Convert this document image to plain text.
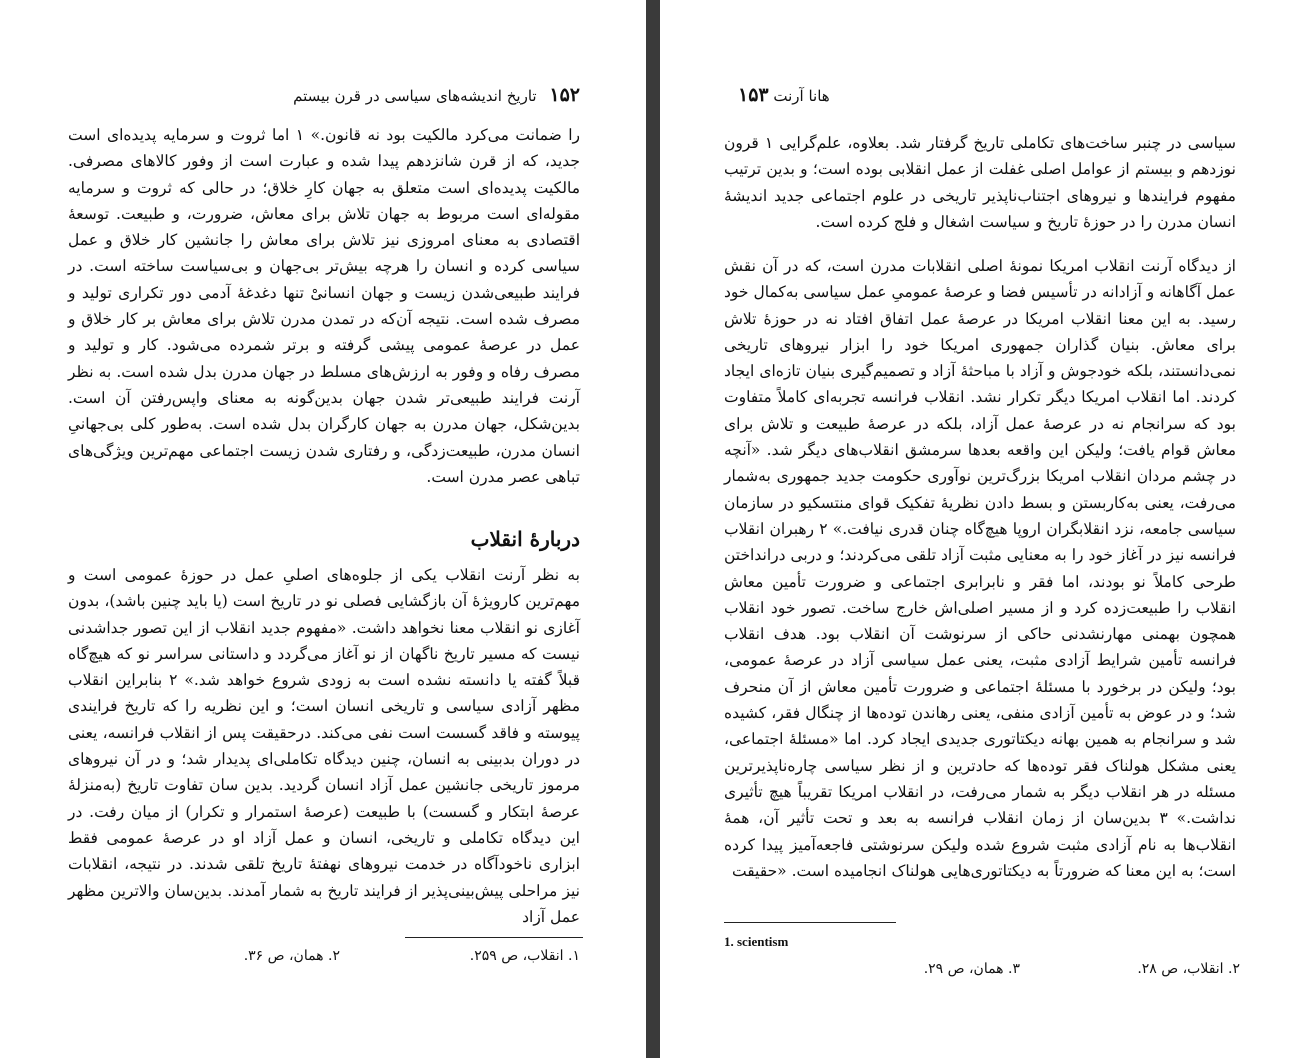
۱۵۲ تاریخ اندیشه‌های سیاسی در قرن بیستم

را ضمانت می‌کرد مالکیت بود نه قانون.» ۱ اما ثروت و سرمایه پدیده‌ای است جدید، که از قرن شانزدهم پیدا شده و عبارت است از وفور کالاهای مصرفی. مالکیت پدیده‌ای است متعلق به جهان کارِ خلاق؛ در حالی که ثروت و سرمایه مقوله‌ای است مربوط به جهان تلاش برای معاش، ضرورت، و طبیعت. توسعهٔ اقتصادی به معنای امروزی نیز تلاش برای معاش را جانشین کار خلاق و عمل سیاسی کرده و انسان را هرچه بیش‌تر بی‌جهان و بی‌سیاست ساخته است. در فرایند طبیعی‌شدن زیست و جهان انسانیْ تنها دغدغهٔ آدمی دور تکراری تولید و مصرف شده است. نتیجه آن‌که در تمدن مدرن تلاش برای معاش بر کار خلاق و عمل در عرصهٔ عمومی پیشی گرفته و برتر شمرده می‌شود. کار و تولید و مصرف رفاه و وفور به ارزش‌های مسلط در جهان مدرن بدل شده است. به نظر آرنت فرایند طبیعی‌تر شدن جهان بدین‌گونه به معنای واپس‌رفتن آن است. بدین‌شکل، جهان مدرن به جهان کارگران بدل شده است. به‌طور کلی بی‌جهانیِ انسان مدرن، طبیعت‌زدگی، و رفتاری شدن زیست اجتماعی مهم‌ترین ویژگی‌های تباهی عصر مدرن است.

دربارهٔ انقلاب

به نظر آرنت انقلاب یکی از جلوه‌های اصلیِ عمل در حوزهٔ عمومی است و مهم‌ترین کارویژهٔ آن بازگشایی فصلی نو در تاریخ است (یا باید چنین باشد)، بدون آغازی نو انقلاب معنا نخواهد داشت. «مفهوم جدید انقلاب از این تصور جداشدنی نیست که مسیر تاریخ ناگهان از نو آغاز می‌گردد و داستانی سراسر نو که هیچ‌گاه قبلاً گفته یا دانسته نشده است به زودی شروع خواهد شد.» ۲ بنابراین انقلاب مظهر آزادی سیاسی و تاریخی انسان است؛ و این نظریه را که تاریخ فرایندی پیوسته و فاقد گسست است نفی می‌کند. درحقیقت پس از انقلاب فرانسه، یعنی در دوران بدبینی به انسان، چنین دیدگاه تکاملی‌ای پدیدار شد؛ و در آن نیروهای مرموز تاریخی جانشین عمل آزاد انسان گردید. بدین سان تفاوت تاریخ (به‌منزلهٔ عرصهٔ ابتکار و گسست) با طبیعت (عرصهٔ استمرار و تکرار) از میان رفت. در این دیدگاه تکاملی و تاریخی، انسان و عمل آزاد او در عرصهٔ عمومی فقط ابزاری ناخودآگاه در خدمت نیروهای نهفتهٔ تاریخ تلقی شدند. در نتیجه، انقلابات نیز مراحلی پیش‌بینی‌پذیر از فرایند تاریخ به شمار آمدند. بدین‌سان والاترین مظهر عمل آزاد

۱. انقلاب، ص ۲۵۹.
۲. همان، ص ۳۶.
هانا آرنت ۱۵۳

سیاسی در چنبر ساخت‌های تکاملی تاریخ گرفتار شد. بعلاوه، علم‌گرایی ۱ قرون نوزدهم و بیستم از عوامل اصلی غفلت از عمل انقلابی بوده است؛ و بدین ترتیب مفهوم فرایندها و نیروهای اجتناب‌ناپذیر تاریخی در علوم اجتماعی جدید اندیشهٔ انسان مدرن را در حوزهٔ تاریخ و سیاست اشغال و فلج کرده است.

از دیدگاه آرنت انقلاب امریکا نمونهٔ اصلی انقلابات مدرن است، که در آن نقش عمل آگاهانه و آزادانه در تأسیس فضا و عرصهٔ عمومیِ عمل سیاسی به‌کمال خود رسید. به این معنا انقلاب امریکا در عرصهٔ عمل اتفاق افتاد نه در حوزهٔ تلاش برای معاش. بنیان گذاران جمهوری امریکا خود را ابزار نیروهای تاریخی نمی‌دانستند، بلکه خودجوش و آزاد با مباحثهٔ آزاد و تصمیم‌گیری بنیان تازه‌ای ایجاد کردند. اما انقلاب امریکا دیگر تکرار نشد. انقلاب فرانسه تجربه‌ای کاملاً متفاوت بود که سرانجام نه در عرصهٔ عمل آزاد، بلکه در عرصهٔ طبیعت و تلاش برای معاش قوام یافت؛ ولیکن این واقعه بعدها سرمشق انقلاب‌های دیگر شد. «آنچه در چشم مردان انقلاب امریکا بزرگ‌ترین نوآوری حکومت جدید جمهوری به‌شمار می‌رفت، یعنی به‌کاربستن و بسط دادن نظریهٔ تفکیک قوای منتسکیو در سازمان سیاسی جامعه، نزد انقلابگران اروپا هیچ‌گاه چنان قدری نیافت.» ۲ رهبران انقلاب فرانسه نیز در آغاز خود را به معنایی مثبت آزاد تلقی می‌کردند؛ و دربی درانداختن طرحی کاملاً نو بودند، اما فقر و نابرابری اجتماعی و ضرورت تأمین معاش انقلاب را طبیعت‌زده کرد و از مسیر اصلی‌اش خارج ساخت. تصور خود انقلاب همچون بهمنی مهارنشدنی حاکی از سرنوشت آن انقلاب بود. هدف انقلاب فرانسه تأمین شرایط آزادی مثبت، یعنی عمل سیاسی آزاد در عرصهٔ عمومی، بود؛ ولیکن در برخورد با مسئلهٔ اجتماعی و ضرورت تأمین معاش از آن منحرف شد؛ و در عوض به تأمین آزادی منفی، یعنی رهاندن توده‌ها از چنگال فقر، کشیده شد و سرانجام به همین بهانه دیکتاتوری جدیدی ایجاد کرد. اما «مسئلهٔ اجتماعی، یعنی مشکل هولناک فقر توده‌ها که حادترین و از نظر سیاسی چاره‌ناپذیرترین مسئله در هر انقلاب دیگر به شمار می‌رفت، در انقلاب امریکا تقریباً هیچ تأثیری نداشت.» ۳ بدین‌سان از زمان انقلاب فرانسه به بعد و تحت تأثیر آن، همهٔ انقلاب‌ها به نام آزادی مثبت شروع شده ولیکن سرنوشتی فاجعه‌آمیز پیدا کرده است؛ به این معنا که ضرورتاً به دیکتاتوری‌هایی هولناک انجامیده است. «حقیقت

1. scientism
۲. انقلاب، ص ۲۸.
۳. همان، ص ۲۹.
